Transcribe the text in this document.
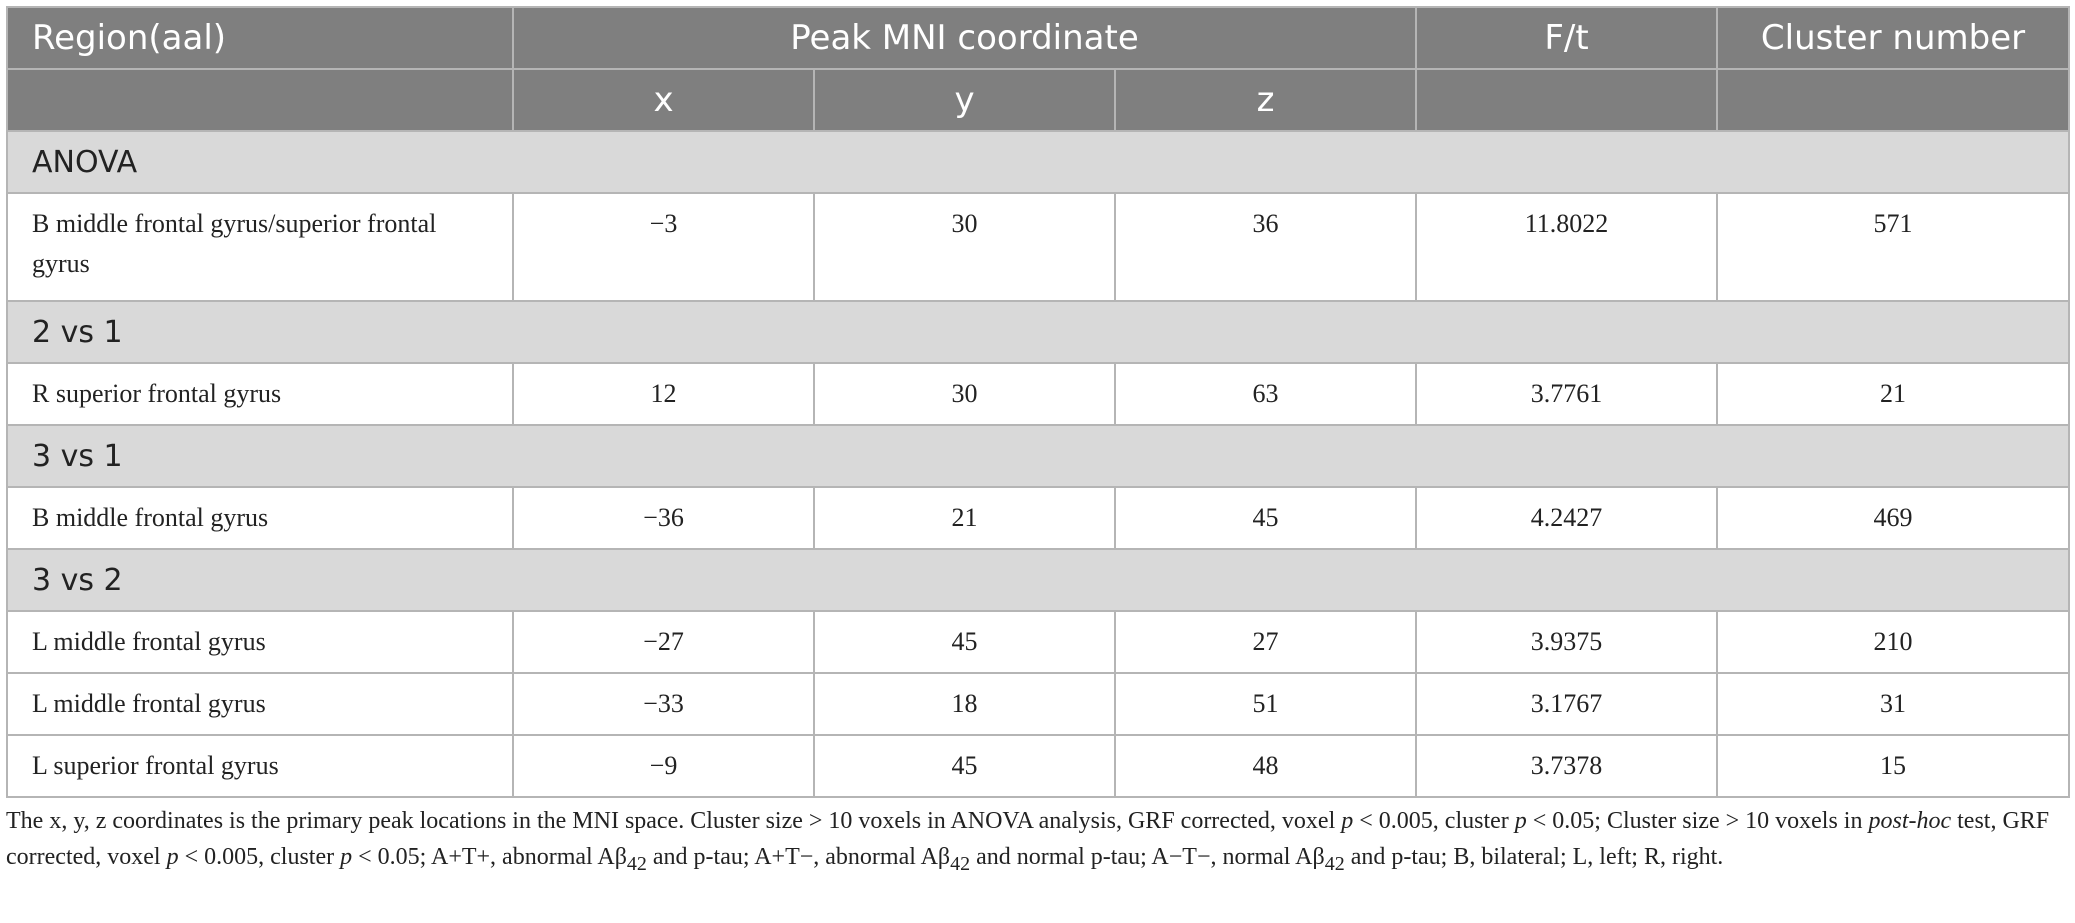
Region(aal)	Peak MNI coordinate			F/t	Cluster number
	x	y	z		
ANOVA					
B middle frontal gyrus/superior frontal gyrus	−3	30	36	11.8022	571
2 vs 1					
R superior frontal gyrus	12	30	63	3.7761	21
3 vs 1					
B middle frontal gyrus	−36	21	45	4.2427	469
3 vs 2					
L middle frontal gyrus	−27	45	27	3.9375	210
L middle frontal gyrus	−33	18	51	3.1767	31
L superior frontal gyrus	−9	45	48	3.7378	15
The x, y, z coordinates is the primary peak locations in the MNI space. Cluster size > 10 voxels in ANOVA analysis, GRF corrected, voxel p < 0.005, cluster p < 0.05; Cluster size > 10 voxels in post-hoc test, GRF corrected, voxel p < 0.005, cluster p < 0.05; A+T+, abnormal $A\beta_{42}$ and p-tau; A+T−, abnormal $A\beta_{42}$ and normal p-tau; A−T−, normal $A\beta_{42}$ and p-tau; B, bilateral; L, left; R, right.
